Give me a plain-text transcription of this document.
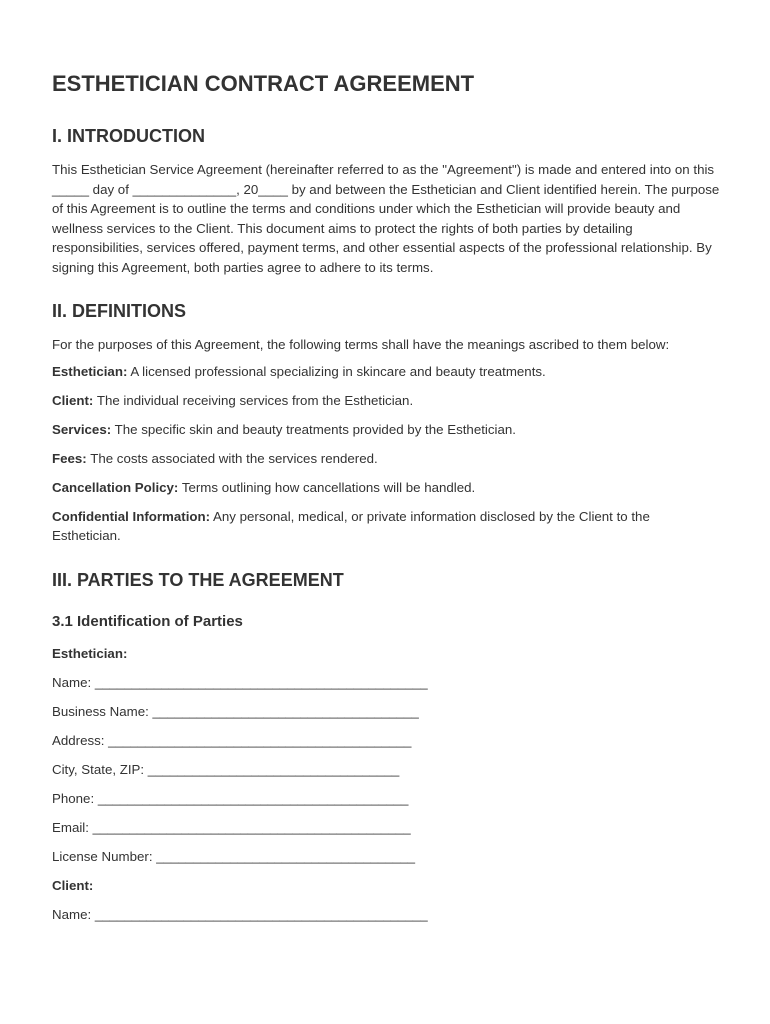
ESTHETICIAN CONTRACT AGREEMENT
I. INTRODUCTION

This Esthetician Service Agreement (hereinafter referred to as the "Agreement") is made and entered into on this _____ day of ______________, 20____ by and between the Esthetician and Client identified herein. The purpose of this Agreement is to outline the terms and conditions under which the Esthetician will provide beauty and wellness services to the Client. This document aims to protect the rights of both parties by detailing responsibilities, services offered, payment terms, and other essential aspects of the professional relationship. By signing this Agreement, both parties agree to adhere to its terms.

II. DEFINITIONS

For the purposes of this Agreement, the following terms shall have the meanings ascribed to them below:

Esthetician: A licensed professional specializing in skincare and beauty treatments.

Client: The individual receiving services from the Esthetician.

Services: The specific skin and beauty treatments provided by the Esthetician.

Fees: The costs associated with the services rendered.

Cancellation Policy: Terms outlining how cancellations will be handled.

Confidential Information: Any personal, medical, or private information disclosed by the Client to the Esthetician.

III. PARTIES TO THE AGREEMENT
3.1 Identification of Parties

Esthetician:

Name: _____________________________________________

Business Name: ____________________________________

Address: _________________________________________

City, State, ZIP: __________________________________

Phone: __________________________________________

Email: ___________________________________________

License Number: ___________________________________

Client:

Name: _____________________________________________
